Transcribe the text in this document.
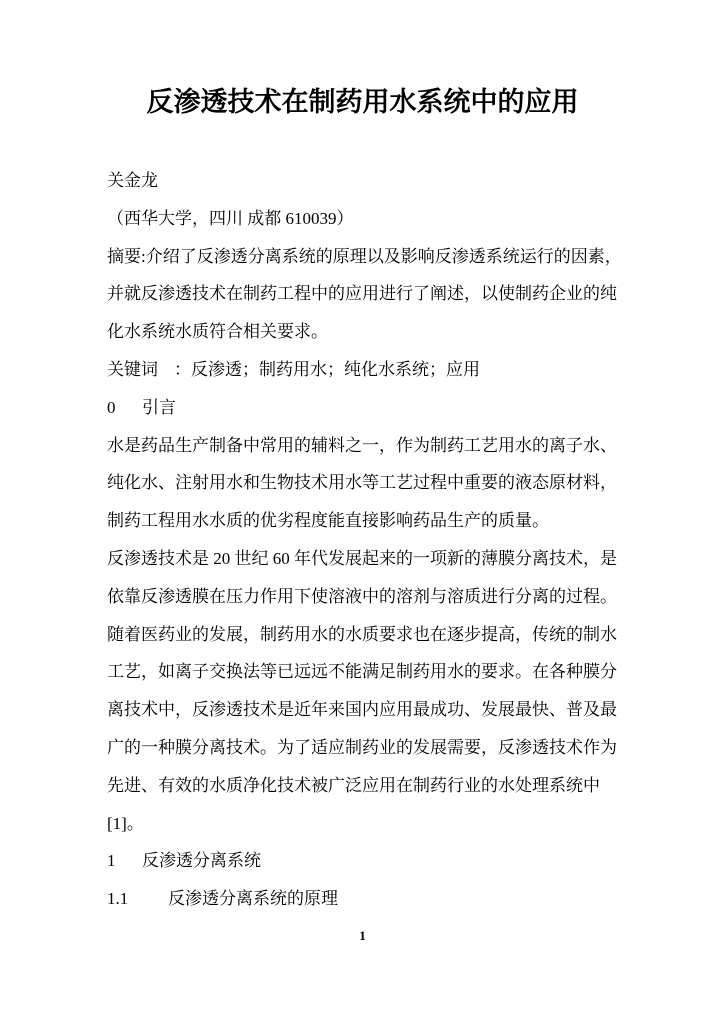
反渗透技术在制药用水系统中的应用
关金龙
（西华大学，四川 成都 610039）
摘要:介绍了反渗透分离系统的原理以及影响反渗透系统运行的因素，
并就反渗透技术在制药工程中的应用进行了阐述，以使制药企业的纯
化水系统水质符合相关要求。
关键词 ：反渗透；制药用水；纯化水系统；应用
0 引言
水是药品生产制备中常用的辅料之一，作为制药工艺用水的离子水、
纯化水、注射用水和生物技术用水等工艺过程中重要的液态原材料，
制药工程用水水质的优劣程度能直接影响药品生产的质量。
反渗透技术是 20 世纪 60 年代发展起来的一项新的薄膜分离技术，是
依靠反渗透膜在压力作用下使溶液中的溶剂与溶质进行分离的过程。
随着医药业的发展，制药用水的水质要求也在逐步提高，传统的制水
工艺，如离子交换法等已远远不能满足制药用水的要求。在各种膜分
离技术中，反渗透技术是近年来国内应用最成功、发展最快、普及最
广的一种膜分离技术。为了适应制药业的发展需要，反渗透技术作为
先进、有效的水质净化技术被广泛应用在制药行业的水处理系统中
[1]。
1 反渗透分离系统
1.1 反渗透分离系统的原理
1
